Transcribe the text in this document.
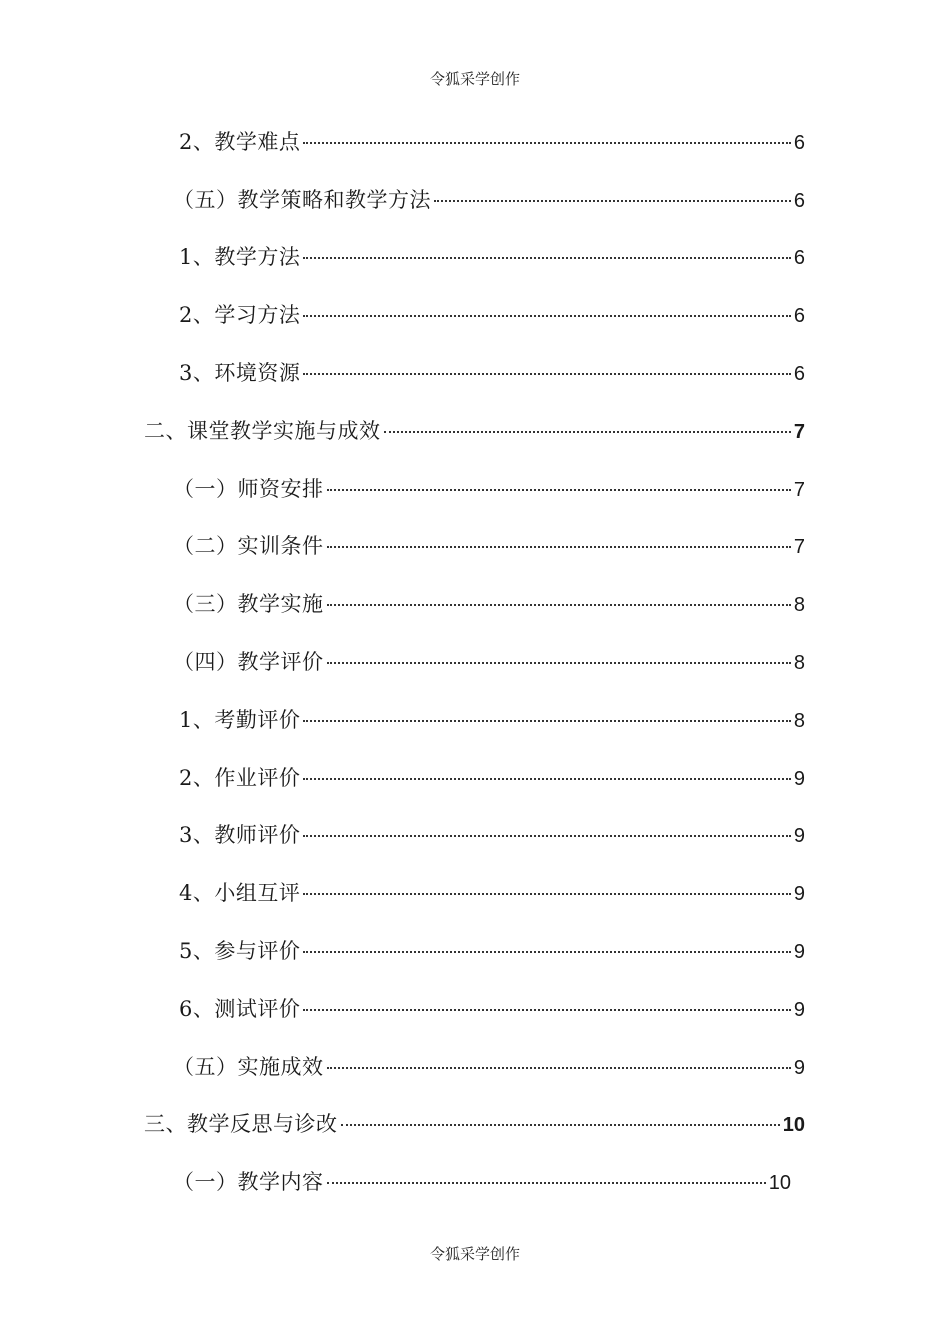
令狐采学创作
2、教学难点	6
（五）教学策略和教学方法	6
1、教学方法	6
2、学习方法	6
3、环境资源	6
二、课堂教学实施与成效	7
（一）师资安排	7
（二）实训条件	7
（三）教学实施	8
（四）教学评价	8
1、考勤评价	8
2、作业评价	9
3、教师评价	9
4、小组互评	9
5、参与评价	9
6、测试评价	9
（五）实施成效	9
三、教学反思与诊改	10
（一）教学内容	10
令狐采学创作
